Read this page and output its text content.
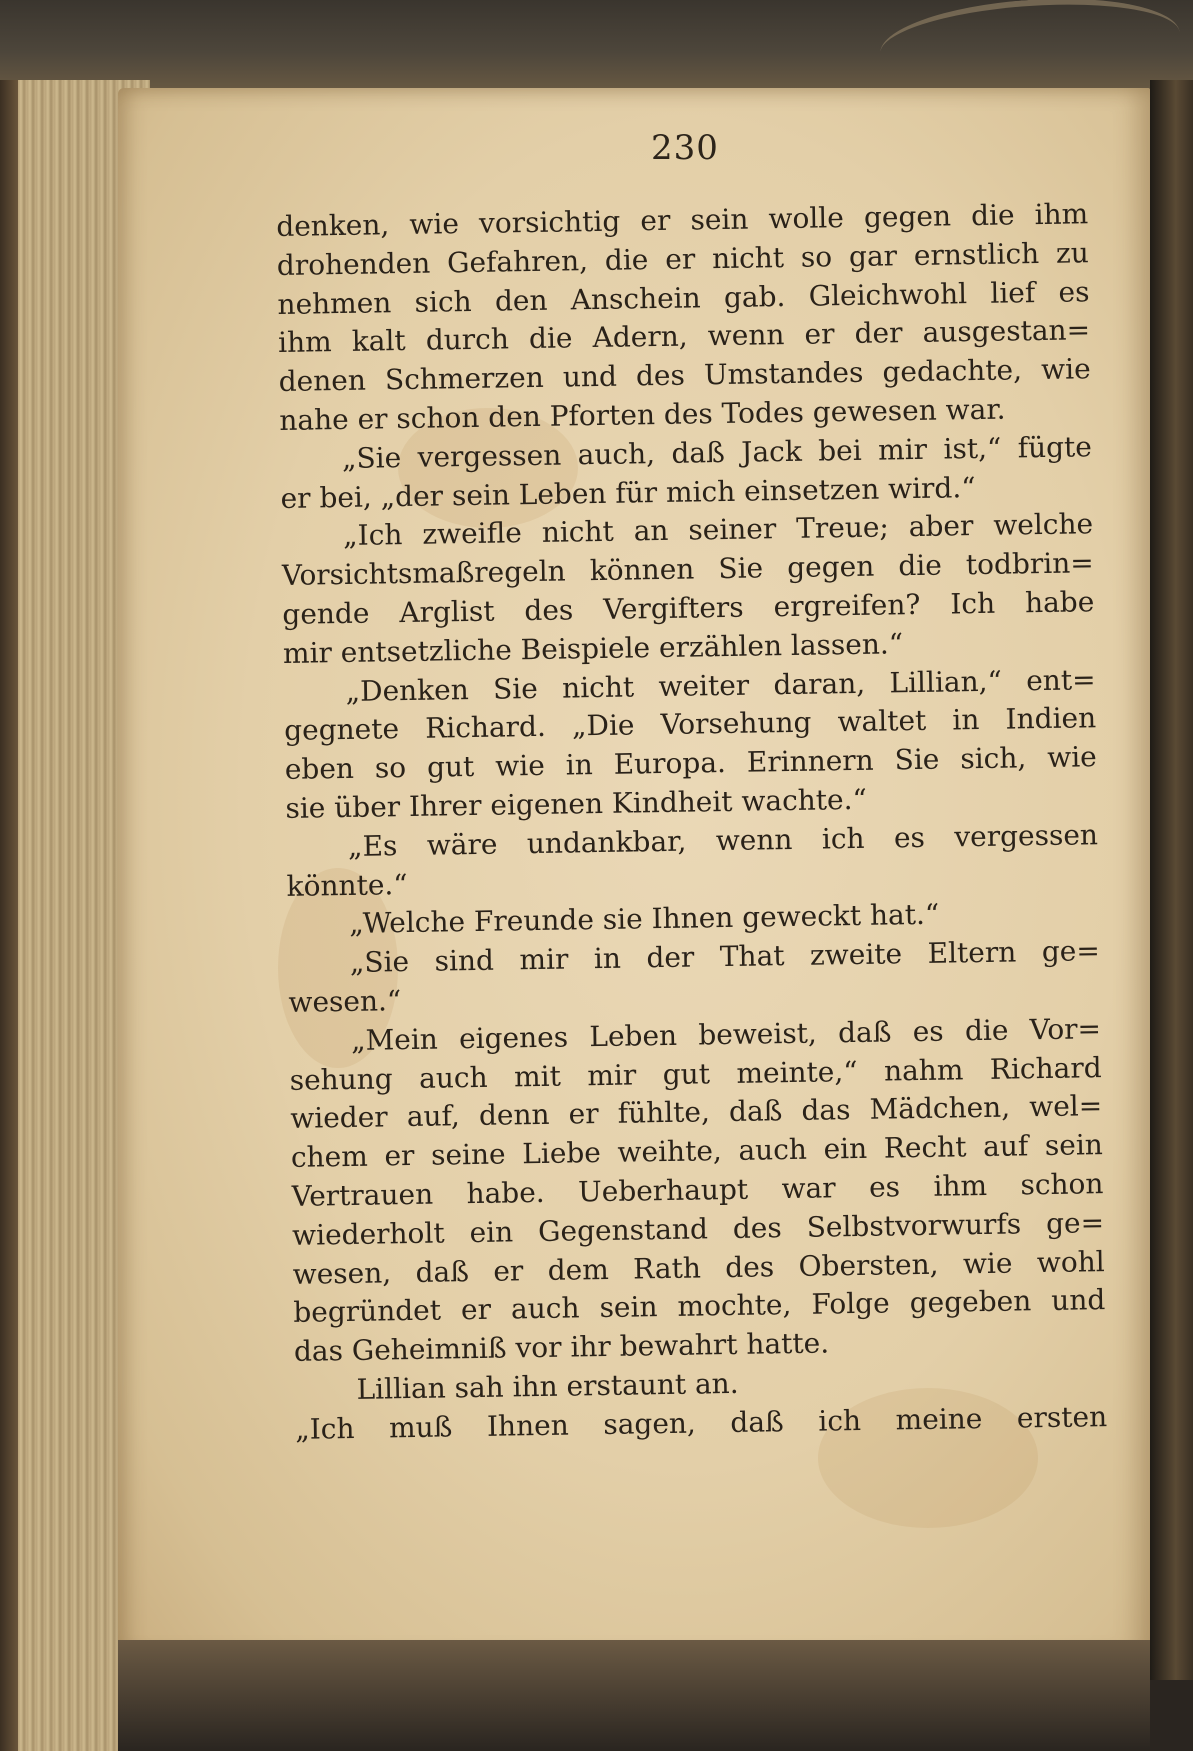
230

denken, wie vorsichtig er sein wolle gegen die ihm

drohenden Gefahren, die er nicht so gar ernstlich zu

nehmen sich den Anschein gab. Gleichwohl lief es

ihm kalt durch die Adern, wenn er der ausgestan=

denen Schmerzen und des Umstandes gedachte, wie

nahe er schon den Pforten des Todes gewesen war.

„Sie vergessen auch, daß Jack bei mir ist,“ fügte

er bei, „der sein Leben für mich einsetzen wird.“

„Ich zweifle nicht an seiner Treue; aber welche

Vorsichtsmaßregeln können Sie gegen die todbrin=

gende Arglist des Vergifters ergreifen? Ich habe

mir entsetzliche Beispiele erzählen lassen.“

„Denken Sie nicht weiter daran, Lillian,“ ent=

gegnete Richard. „Die Vorsehung waltet in Indien

eben so gut wie in Europa. Erinnern Sie sich, wie

sie über Ihrer eigenen Kindheit wachte.“

„Es wäre undankbar, wenn ich es vergessen

könnte.“

„Welche Freunde sie Ihnen geweckt hat.“

„Sie sind mir in der That zweite Eltern ge=

wesen.“

„Mein eigenes Leben beweist, daß es die Vor=

sehung auch mit mir gut meinte,“ nahm Richard

wieder auf, denn er fühlte, daß das Mädchen, wel=

chem er seine Liebe weihte, auch ein Recht auf sein

Vertrauen habe. Ueberhaupt war es ihm schon

wiederholt ein Gegenstand des Selbstvorwurfs ge=

wesen, daß er dem Rath des Obersten, wie wohl

begründet er auch sein mochte, Folge gegeben und

das Geheimniß vor ihr bewahrt hatte.

Lillian sah ihn erstaunt an.

„Ich muß Ihnen sagen, daß ich meine ersten
